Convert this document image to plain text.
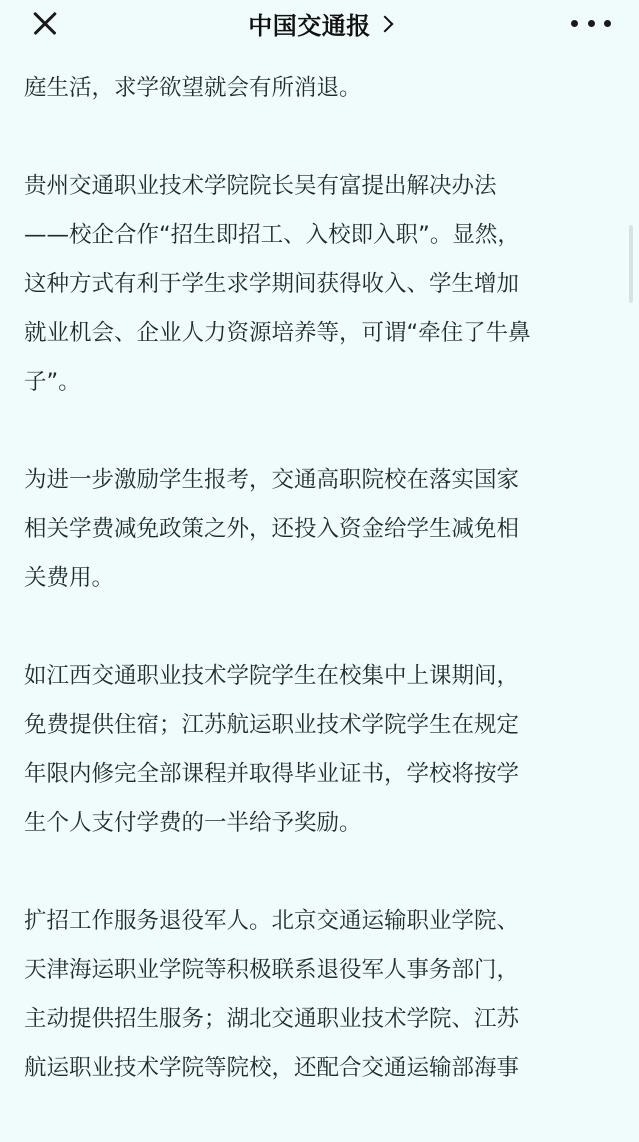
中国交通报

庭生活，求学欲望就会有所消退。

贵州交通职业技术学院院长吴有富提出解决办法
——校企合作“招生即招工、入校即入职”。显然，
这种方式有利于学生求学期间获得收入、学生增加
就业机会、企业人力资源培养等，可谓“牵住了牛鼻
子”。

为进一步激励学生报考，交通高职院校在落实国家
相关学费减免政策之外，还投入资金给学生减免相
关费用。

如江西交通职业技术学院学生在校集中上课期间，
免费提供住宿；江苏航运职业技术学院学生在规定
年限内修完全部课程并取得毕业证书，学校将按学
生个人支付学费的一半给予奖励。

扩招工作服务退役军人。北京交通运输职业学院、
天津海运职业学院等积极联系退役军人事务部门，
主动提供招生服务；湖北交通职业技术学院、江苏
航运职业技术学院等院校，还配合交通运输部海事
